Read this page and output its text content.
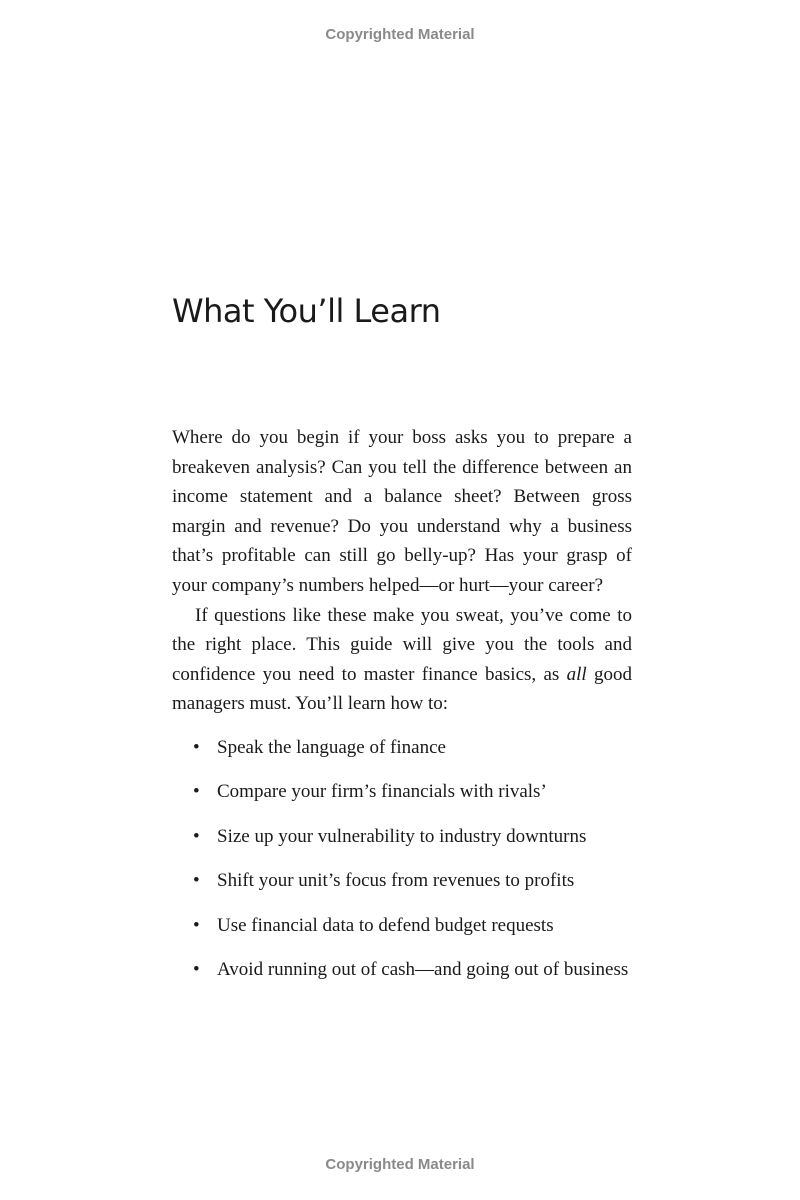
Copyrighted Material
What You’ll Learn

Where do you begin if your boss asks you to prepare a breakeven analysis? Can you tell the difference between an income statement and a balance sheet? Between gross margin and revenue? Do you understand why a business that’s profitable can still go belly-up? Has your grasp of your company’s numbers helped—or hurt—your career?

If questions like these make you sweat, you’ve come to the right place. This guide will give you the tools and confidence you need to master finance basics, as all good managers must. You’ll learn how to:

• Speak the language of finance
• Compare your firm’s financials with rivals’
• Size up your vulnerability to industry downturns
• Shift your unit’s focus from revenues to profits
• Use financial data to defend budget requests
• Avoid running out of cash—and going out of business
Copyrighted Material
